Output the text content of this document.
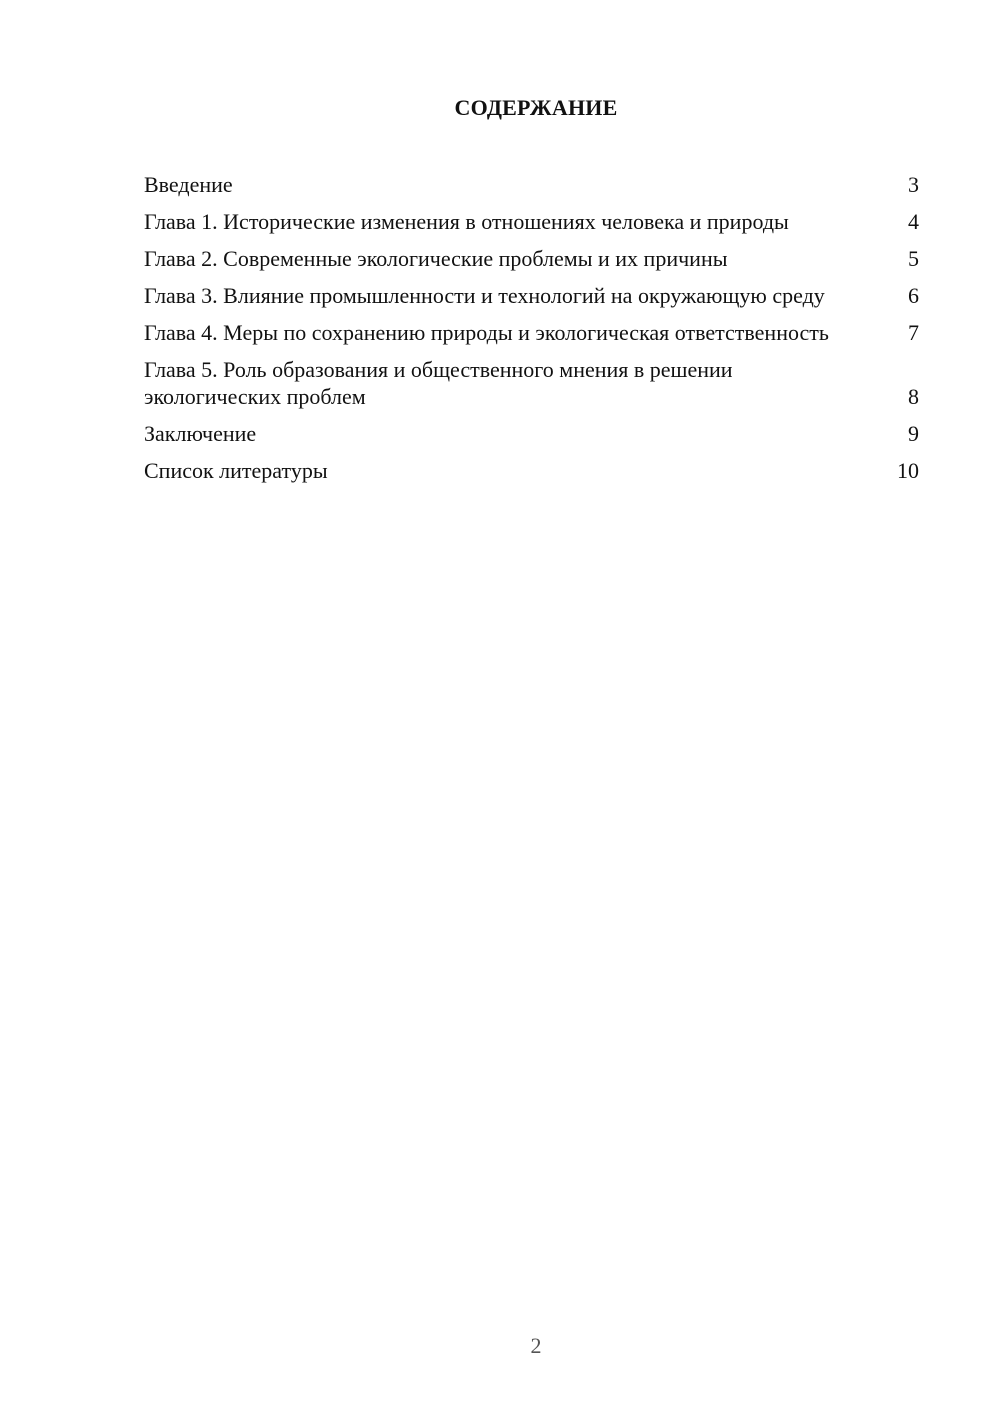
СОДЕРЖАНИЕ
Введение	3
Глава 1. Исторические изменения в отношениях человека и природы	4
Глава 2. Современные экологические проблемы и их причины	5
Глава 3. Влияние промышленности и технологий на окружающую среду	6
Глава 4. Меры по сохранению природы и экологическая ответственность	7
Глава 5. Роль образования и общественного мнения в решении экологических проблем	8
Заключение	9
Список литературы	10
2
